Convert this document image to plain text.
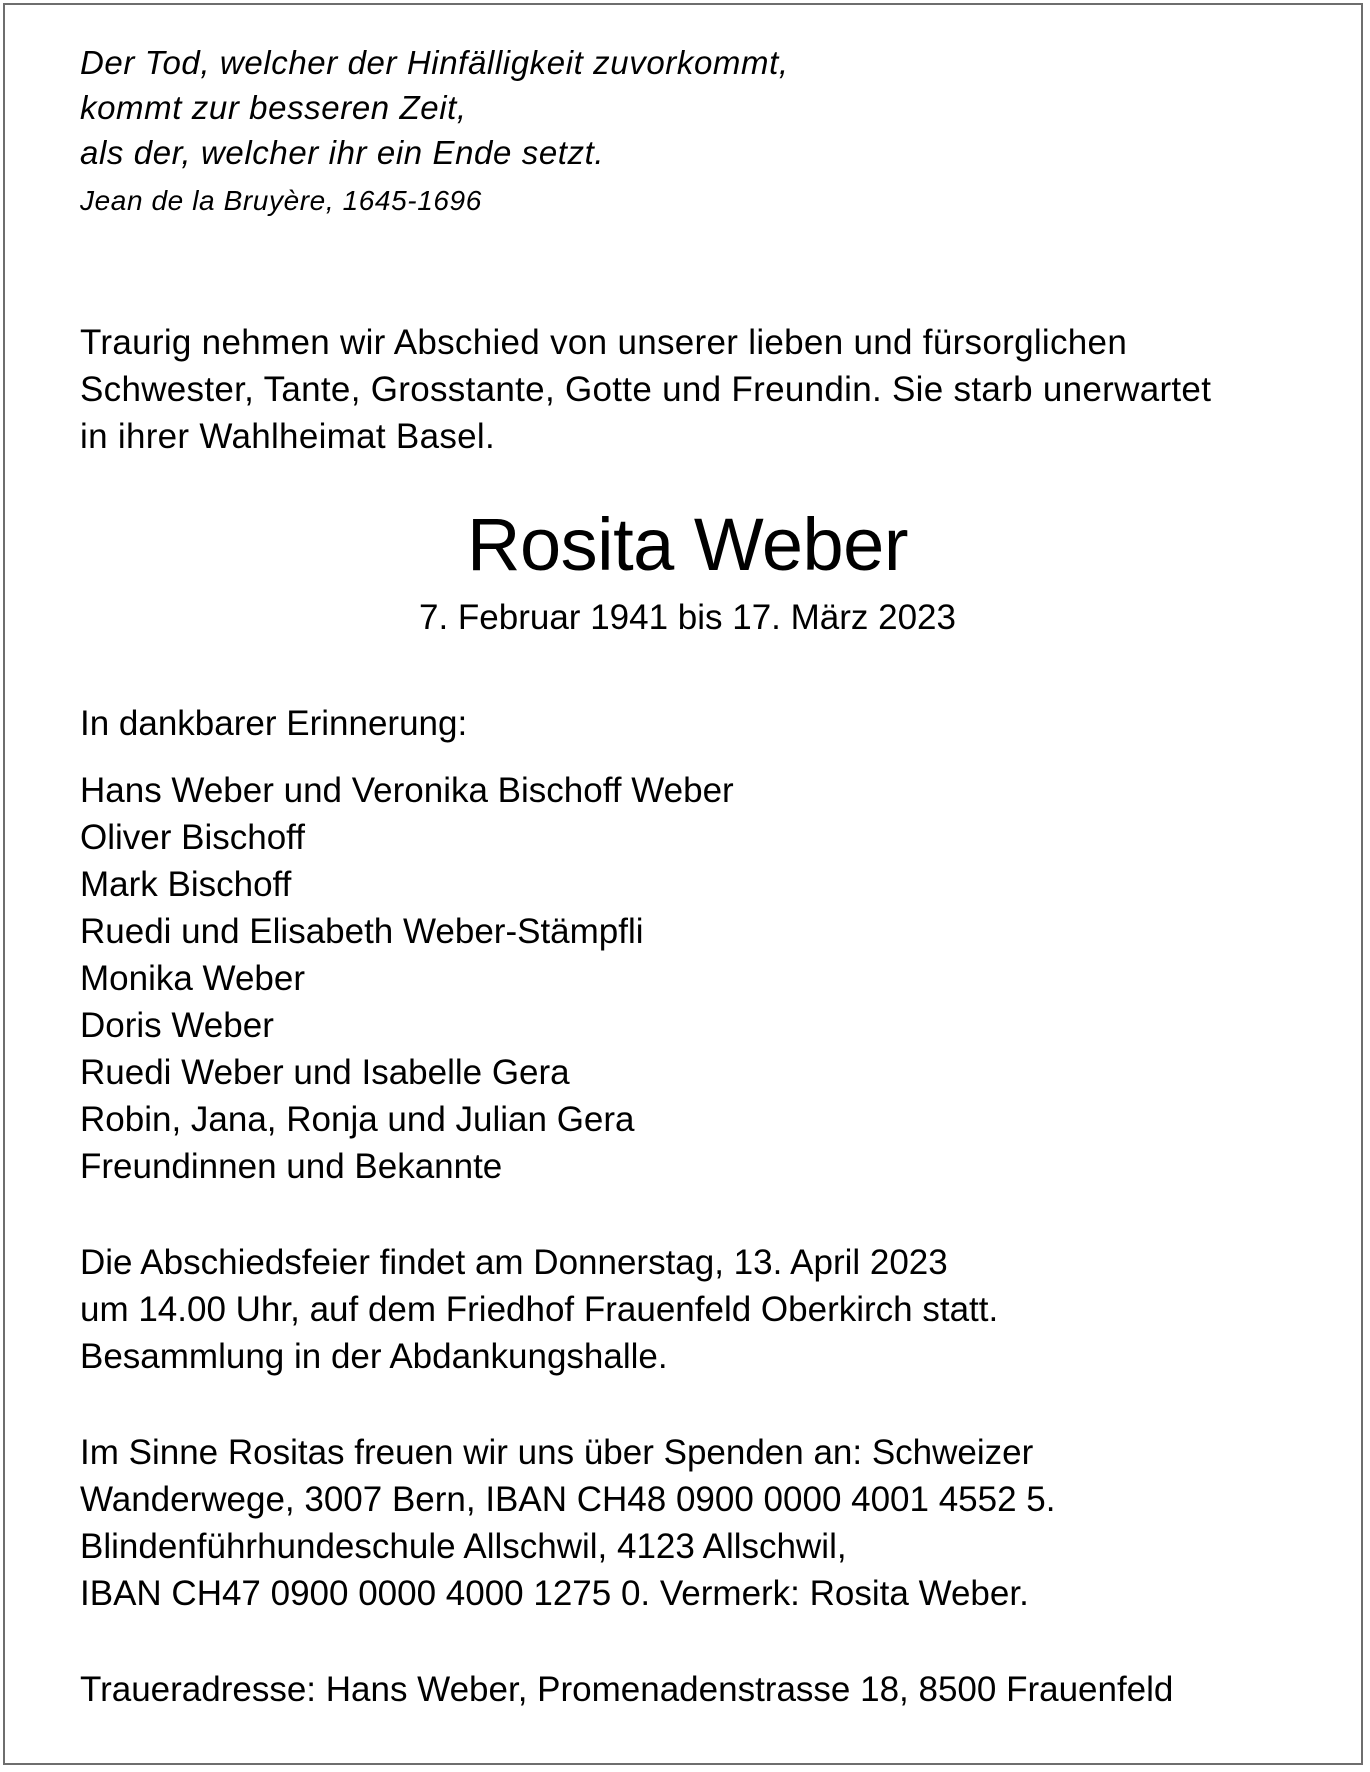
Der Tod, welcher der Hinfälligkeit zuvorkommt,
kommt zur besseren Zeit,
als der, welcher ihr ein Ende setzt.
Jean de la Bruyère, 1645-1696
Traurig nehmen wir Abschied von unserer lieben und fürsorglichen
Schwester, Tante, Grosstante, Gotte und Freundin. Sie starb unerwartet
in ihrer Wahlheimat Basel.
Rosita Weber
7. Februar 1941 bis 17. März 2023
In dankbarer Erinnerung:
Hans Weber und Veronika Bischoff Weber
Oliver Bischoff
Mark Bischoff
Ruedi und Elisabeth Weber-Stämpfli
Monika Weber
Doris Weber
Ruedi Weber und Isabelle Gera
Robin, Jana, Ronja und Julian Gera
Freundinnen und Bekannte
Die Abschiedsfeier findet am Donnerstag, 13. April 2023
um 14.00 Uhr, auf dem Friedhof Frauenfeld Oberkirch statt.
Besammlung in der Abdankungshalle.
Im Sinne Rositas freuen wir uns über Spenden an: Schweizer
Wanderwege, 3007 Bern, IBAN CH48 0900 0000 4001 4552 5.
Blindenführhundeschule Allschwil, 4123 Allschwil,
IBAN CH47 0900 0000 4000 1275 0. Vermerk: Rosita Weber.
Traueradresse: Hans Weber, Promenadenstrasse 18, 8500 Frauenfeld
